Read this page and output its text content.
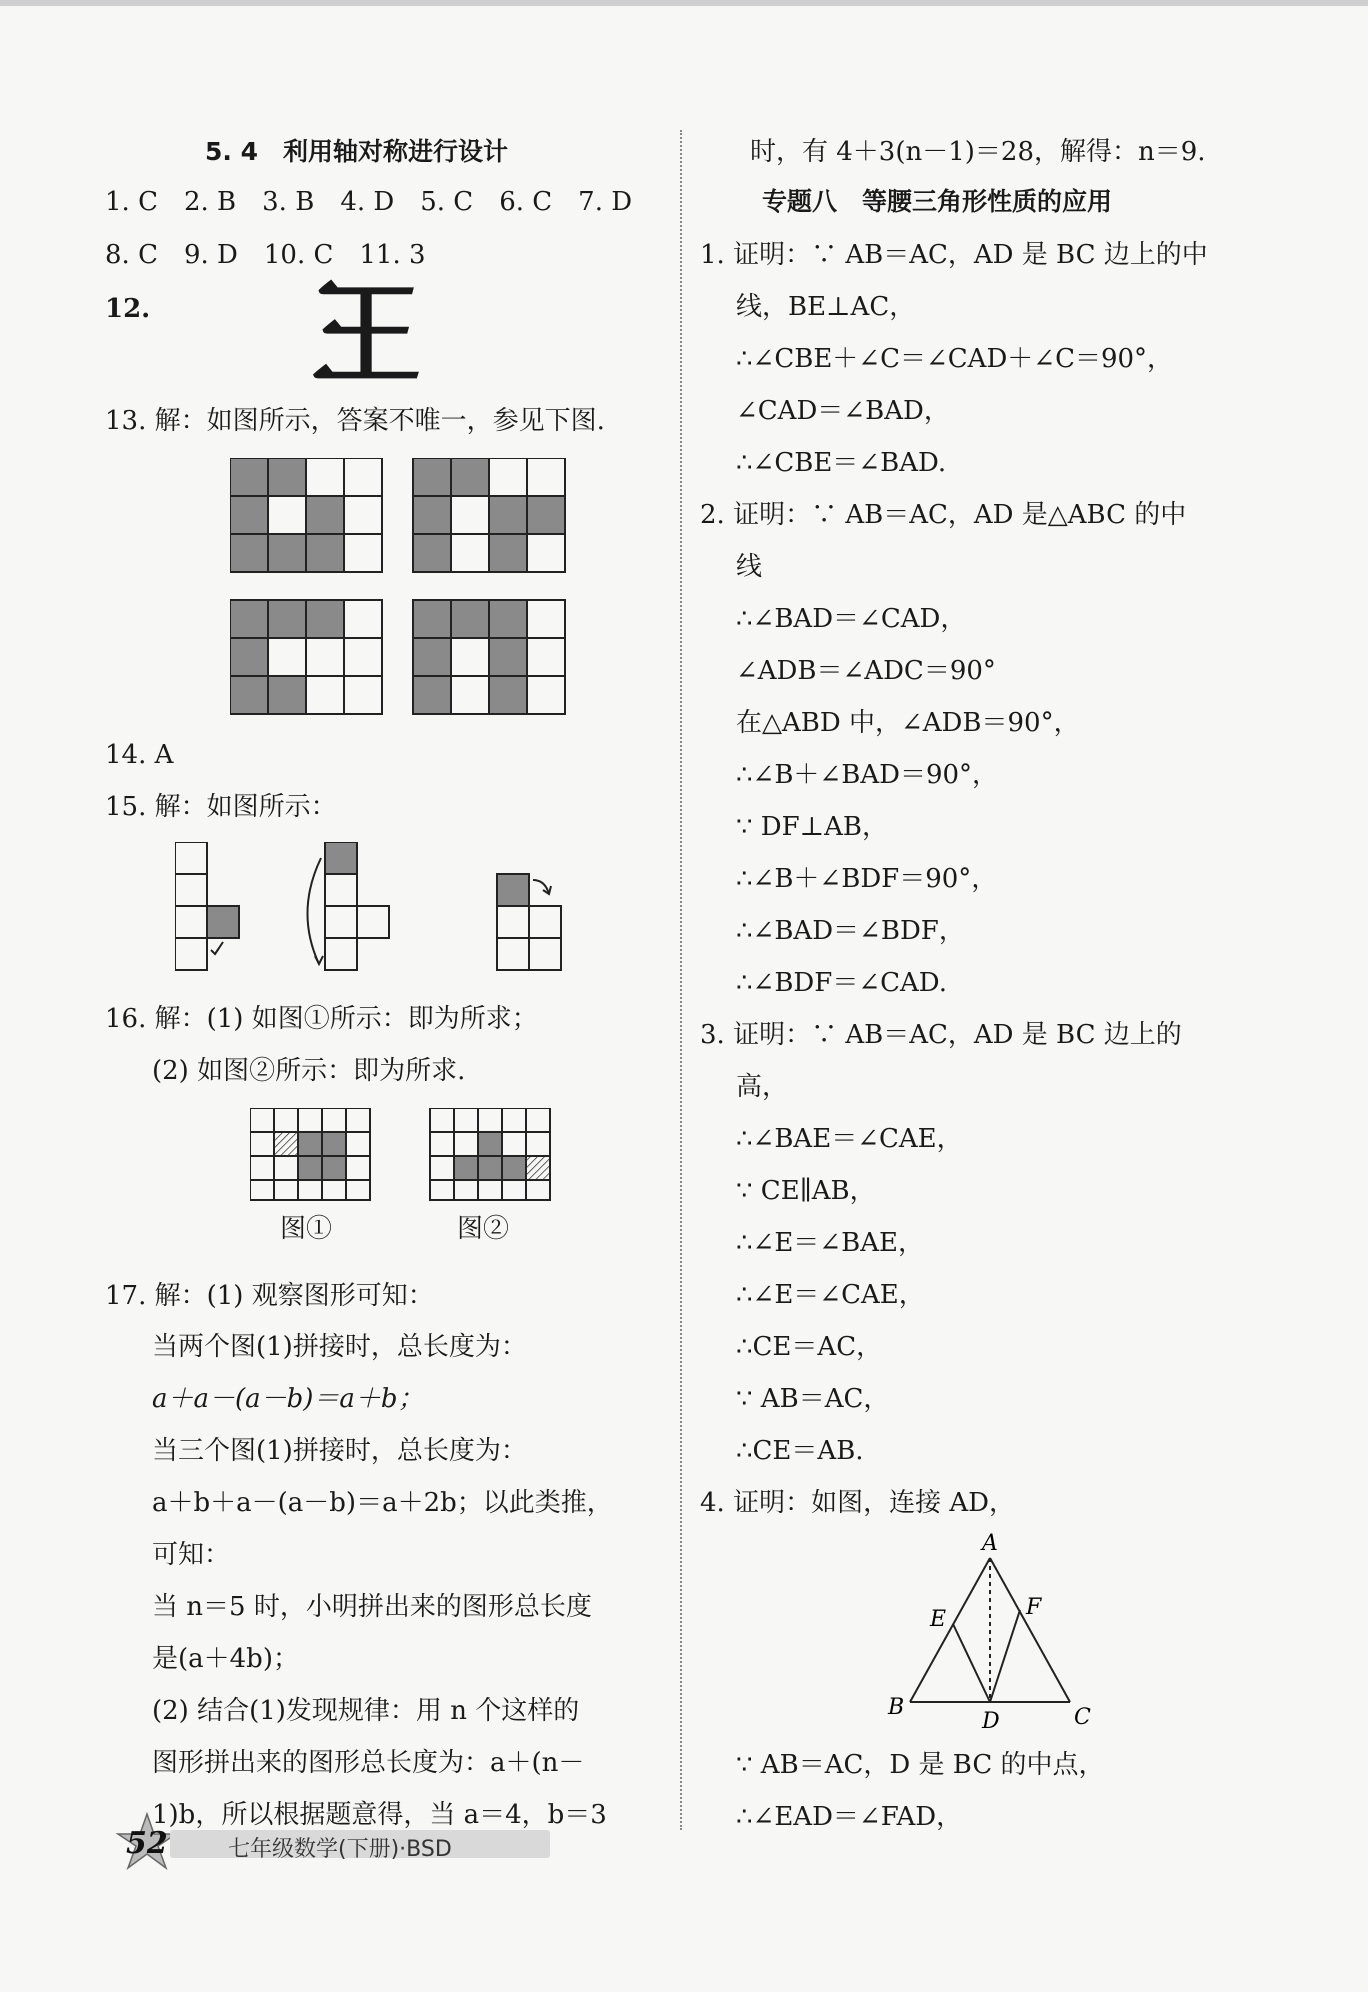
5. 4　利用轴对称进行设计
1. C　2. B　3. B　4. D　5. C　6. C　7. D
8. C　9. D　10. C　11. 3
12. 王
13. 解：如图所示，答案不唯一，参见下图.
14. A
15. 解：如图所示：
16. 解：(1) 如图①所示：即为所求；
(2) 如图②所示：即为所求.
图①	图②
17. 解：(1) 观察图形可知：
当两个图(1)拼接时，总长度为：
a＋a－(a－b)＝a＋b；
当三个图(1)拼接时，总长度为：
a＋b＋a－(a－b)＝a＋2b；以此类推，
可知：
当 n＝5 时，小明拼出来的图形总长度
是(a＋4b)；
(2) 结合(1)发现规律：用 n 个这样的
图形拼出来的图形总长度为：a＋(n－
1)b，所以根据题意得，当 a＝4，b＝3
时，有 4＋3(n－1)＝28，解得：n＝9.
专题八　等腰三角形性质的应用
1. 证明：∵ AB＝AC，AD 是 BC 边上的中
线，BE⊥AC，
∴∠CBE＋∠C＝∠CAD＋∠C＝90°，
∠CAD＝∠BAD，
∴∠CBE＝∠BAD.
2. 证明：∵ AB＝AC，AD 是△ABC 的中
线
∴∠BAD＝∠CAD，
∠ADB＝∠ADC＝90°
在△ABD 中，∠ADB＝90°，
∴∠B＋∠BAD＝90°，
∵ DF⊥AB，
∴∠B＋∠BDF＝90°，
∴∠BAD＝∠BDF，
∴∠BDF＝∠CAD.
3. 证明：∵ AB＝AC，AD 是 BC 边上的
高，
∴∠BAE＝∠CAE，
∵ CE∥AB，
∴∠E＝∠BAE，
∴∠E＝∠CAE，
∴CE＝AC，
∵ AB＝AC，
∴CE＝AB.
4. 证明：如图，连接 AD，
A
B	C
D
E	F
∵ AB＝AC，D 是 BC 的中点，
∴∠EAD＝∠FAD，
52	七年级数学(下册)·BSD
